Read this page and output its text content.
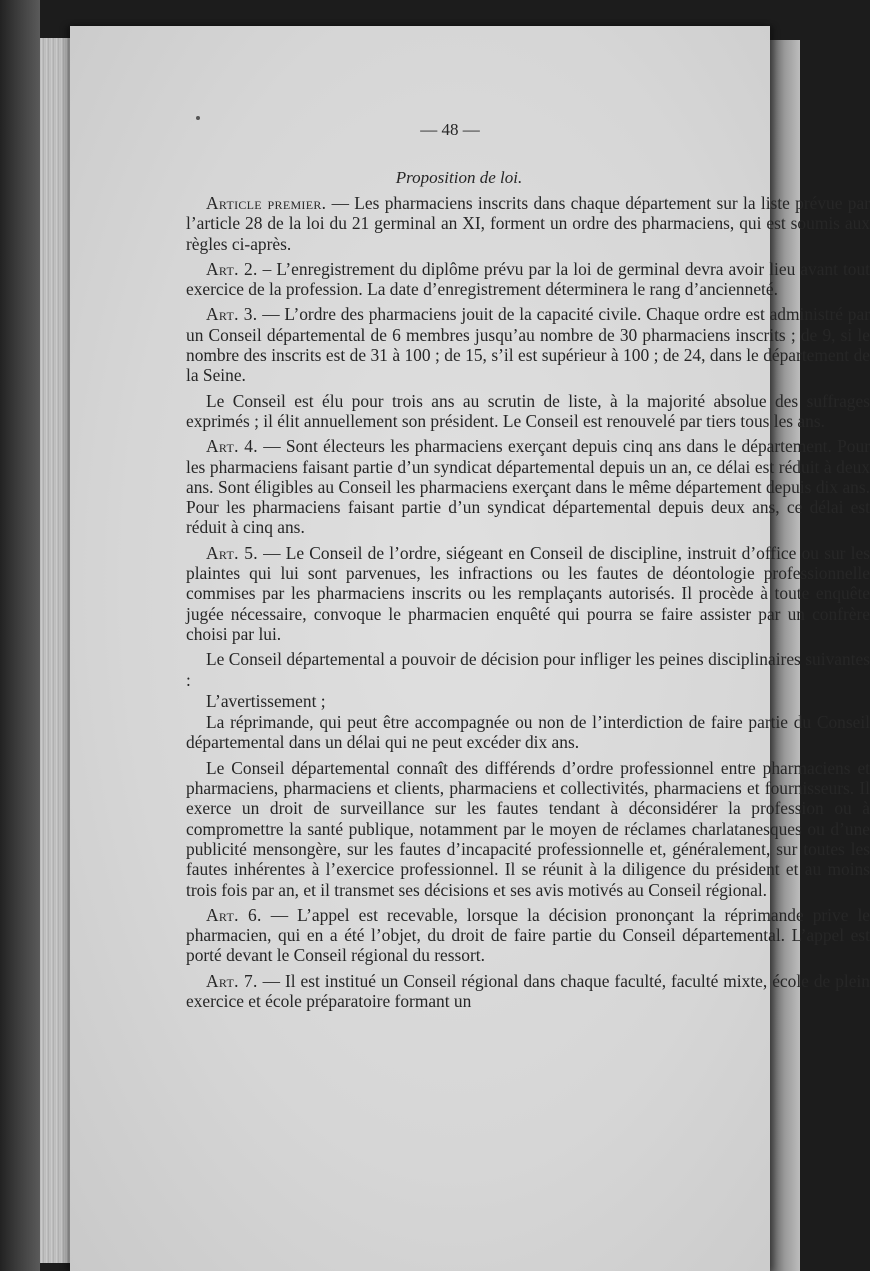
— 48 —
Proposition de loi.

Article premier. — Les pharmaciens inscrits dans chaque département sur la liste prévue par l’article 28 de la loi du 21 germinal an XI, forment un ordre des pharmaciens, qui est soumis aux règles ci-après.

Art. 2. – L’enregistrement du diplôme prévu par la loi de germinal devra avoir lieu avant tout exercice de la profession. La date d’enregistrement déterminera le rang d’ancienneté.

Art. 3. — L’ordre des pharmaciens jouit de la capacité civile. Chaque ordre est administré par un Conseil départemental de 6 membres jusqu’au nombre de 30 pharmaciens inscrits ; de 9, si le nombre des inscrits est de 31 à 100 ; de 15, s’il est supérieur à 100 ; de 24, dans le département de la Seine.

Le Conseil est élu pour trois ans au scrutin de liste, à la majorité absolue des suffrages exprimés ; il élit annuellement son président. Le Conseil est renouvelé par tiers tous les ans.

Art. 4. — Sont électeurs les pharmaciens exerçant depuis cinq ans dans le département. Pour les pharmaciens faisant partie d’un syndicat départemental depuis un an, ce délai est réduit à deux ans. Sont éligibles au Conseil les pharmaciens exerçant dans le même département depuis dix ans. Pour les pharmaciens faisant partie d’un syndicat départemental depuis deux ans, ce délai est réduit à cinq ans.

Art. 5. — Le Conseil de l’ordre, siégeant en Conseil de discipline, instruit d’office ou sur les plaintes qui lui sont parvenues, les infractions ou les fautes de déontologie professionnelle commises par les pharmaciens inscrits ou les remplaçants autorisés. Il procède à toute enquête jugée nécessaire, convoque le pharmacien enquêté qui pourra se faire assister par un confrère choisi par lui.

Le Conseil départemental a pouvoir de décision pour infliger les peines disciplinaires suivantes :

L’avertissement ;

La réprimande, qui peut être accompagnée ou non de l’interdiction de faire partie du Conseil départemental dans un délai qui ne peut excéder dix ans.

Le Conseil départemental connaît des différends d’ordre professionnel entre pharmaciens et pharmaciens, pharmaciens et clients, pharmaciens et collectivités, pharmaciens et fournisseurs. Il exerce un droit de surveillance sur les fautes tendant à déconsidérer la profession ou à compromettre la santé publique, notamment par le moyen de réclames charlatanesques ou d’une publicité mensongère, sur les fautes d’incapacité professionnelle et, généralement, sur toutes les fautes inhérentes à l’exercice professionnel. Il se réunit à la diligence du président et au moins trois fois par an, et il transmet ses décisions et ses avis motivés au Conseil régional.

Art. 6. — L’appel est recevable, lorsque la décision prononçant la réprimande prive le pharmacien, qui en a été l’objet, du droit de faire partie du Conseil départemental. L’appel est porté devant le Conseil régional du ressort.

Art. 7. — Il est institué un Conseil régional dans chaque faculté, faculté mixte, école de plein exercice et école préparatoire formant un
